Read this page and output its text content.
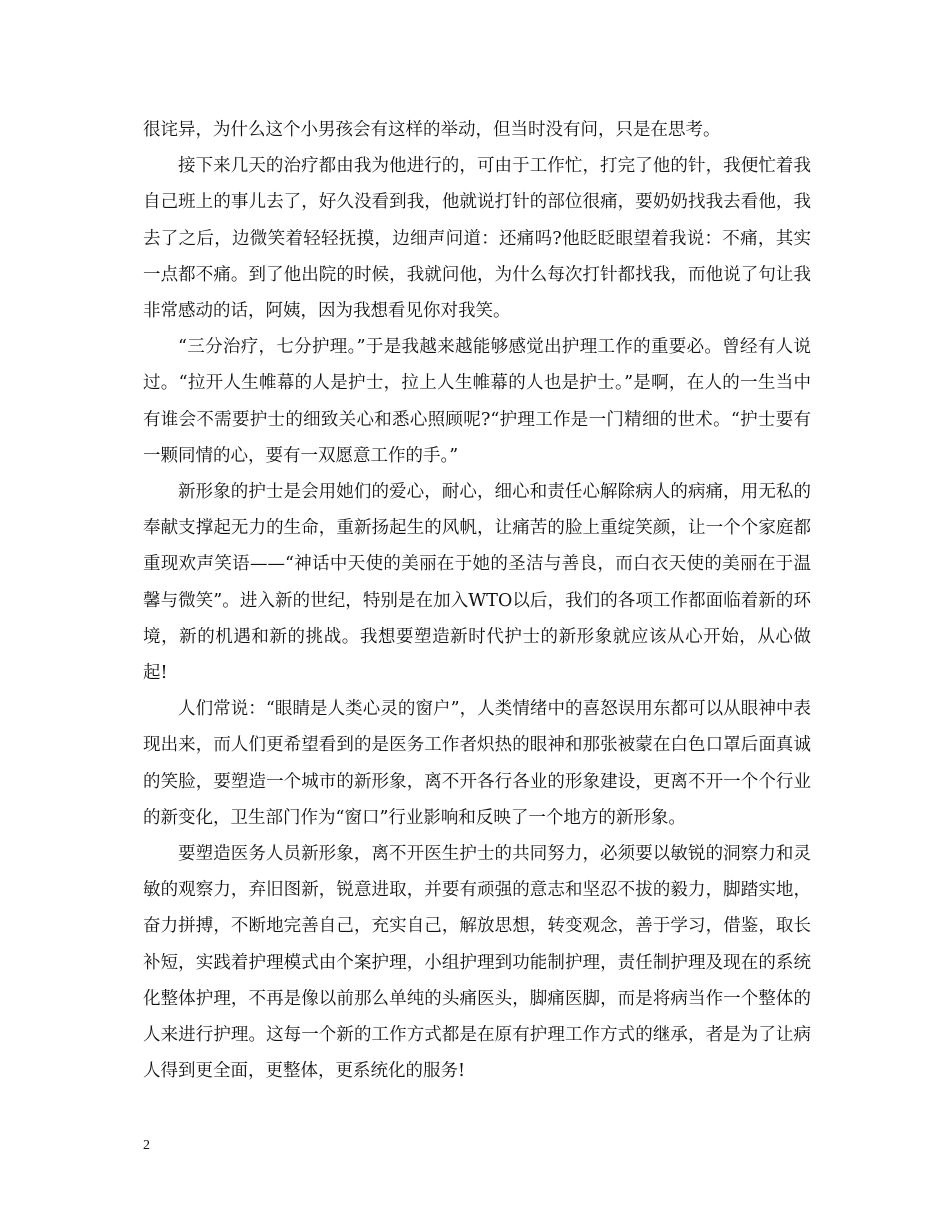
很诧异，为什么这个小男孩会有这样的举动，但当时没有问，只是在思考。

接下来几天的治疗都由我为他进行的，可由于工作忙，打完了他的针，我便忙着我自己班上的事儿去了，好久没看到我，他就说打针的部位很痛，要奶奶找我去看他，我去了之后，边微笑着轻轻抚摸，边细声问道：还痛吗?他眨眨眼望着我说：不痛，其实一点都不痛。到了他出院的时候，我就问他，为什么每次打针都找我，而他说了句让我非常感动的话，阿姨，因为我想看见你对我笑。

“三分治疗，七分护理。”于是我越来越能够感觉出护理工作的重要必。曾经有人说过。“拉开人生帷幕的人是护士，拉上人生帷幕的人也是护士。”是啊，在人的一生当中有谁会不需要护士的细致关心和悉心照顾呢?“护理工作是一门精细的世术。“护士要有一颗同情的心，要有一双愿意工作的手。”

新形象的护士是会用她们的爱心，耐心，细心和责任心解除病人的病痛，用无私的奉献支撑起无力的生命，重新扬起生的风帆，让痛苦的脸上重绽笑颜，让一个个家庭都重现欢声笑语——“神话中天使的美丽在于她的圣洁与善良，而白衣天使的美丽在于温馨与微笑”。进入新的世纪，特别是在加入WTO以后，我们的各项工作都面临着新的环境，新的机遇和新的挑战。我想要塑造新时代护士的新形象就应该从心开始，从心做起!

人们常说：“眼睛是人类心灵的窗户”，人类情绪中的喜怒误用东都可以从眼神中表现出来，而人们更希望看到的是医务工作者炽热的眼神和那张被蒙在白色口罩后面真诚的笑脸，要塑造一个城市的新形象，离不开各行各业的形象建设，更离不开一个个行业的新变化，卫生部门作为“窗口”行业影响和反映了一个地方的新形象。

要塑造医务人员新形象，离不开医生护士的共同努力，必须要以敏锐的洞察力和灵敏的观察力，弃旧图新，锐意进取，并要有顽强的意志和坚忍不拔的毅力，脚踏实地，奋力拼搏，不断地完善自己，充实自己，解放思想，转变观念，善于学习，借鉴，取长补短，实践着护理模式由个案护理，小组护理到功能制护理，责任制护理及现在的系统化整体护理，不再是像以前那么单纯的头痛医头，脚痛医脚，而是将病当作一个整体的人来进行护理。这每一个新的工作方式都是在原有护理工作方式的继承，者是为了让病人得到更全面，更整体，更系统化的服务!

2
